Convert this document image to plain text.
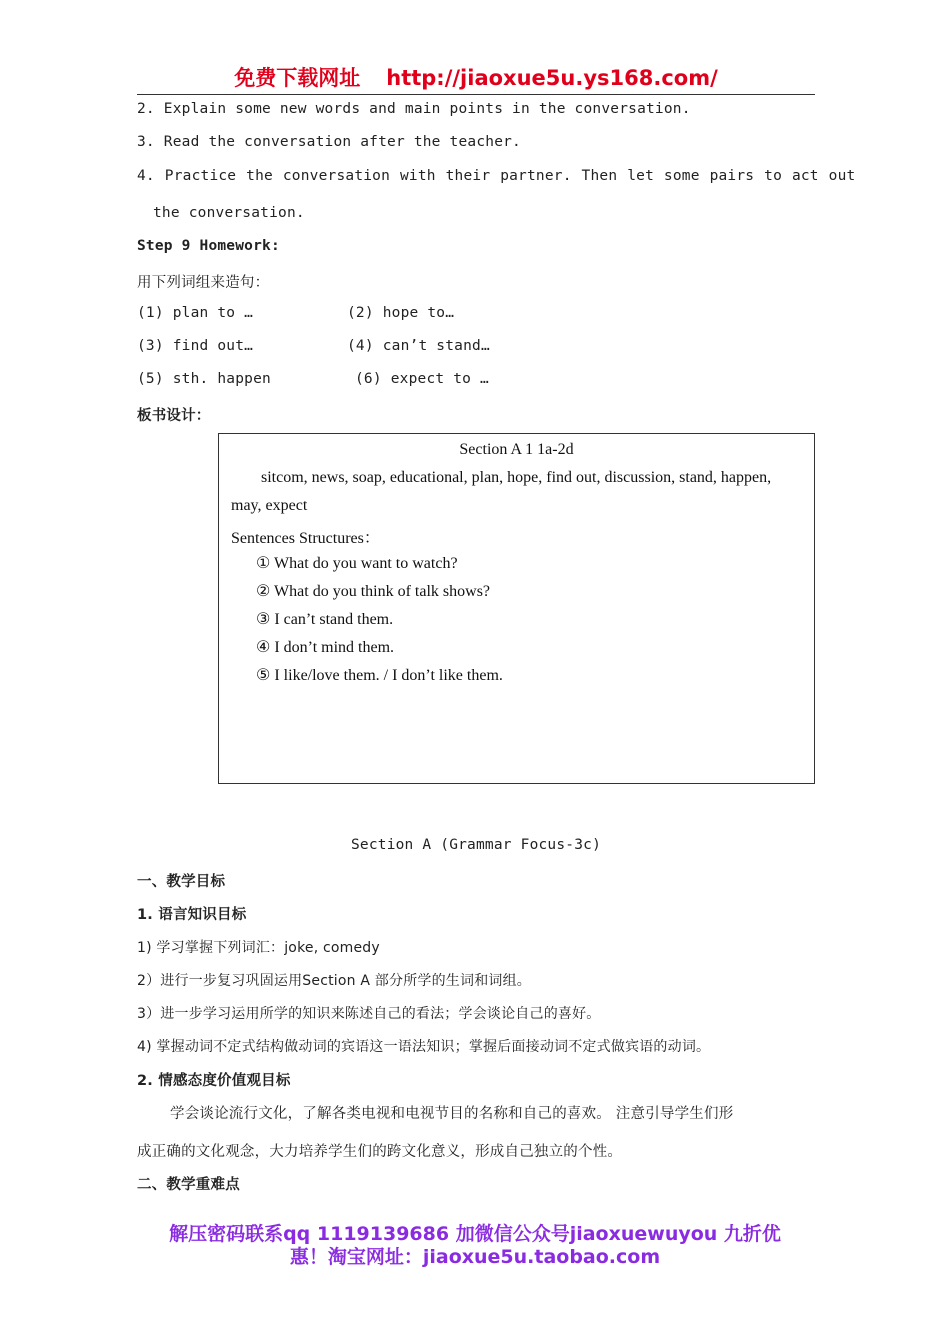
免费下载网址 http://jiaoxue5u.ys168.com/
2. Explain some new words and main points in the conversation.
3. Read the conversation after the teacher.
4. Practice the conversation with their partner. Then let some pairs to act out
the conversation.
Step 9 Homework:
用下列词组来造句：
(1) plan to …	(2) hope to…
(3) find out…	(4) can’t stand…
(5) sth. happen	(6) expect to …
板书设计：
Section A 1 1a-2d
sitcom, news, soap, educational, plan, hope, find out, discussion, stand, happen,
may, expect
Sentences Structures：
① What do you want to watch?
② What do you think of talk shows?
③ I can’t stand them.
④ I don’t mind them.
⑤ I like/love them. / I don’t like them.
Section A (Grammar Focus-3c)
一、教学目标
1. 语言知识目标
1) 学习掌握下列词汇：joke, comedy
2）进行一步复习巩固运用Section A 部分所学的生词和词组。
3）进一步学习运用所学的知识来陈述自己的看法；学会谈论自己的喜好。
4) 掌握动词不定式结构做动词的宾语这一语法知识；掌握后面接动词不定式做宾语的动词。
2. 情感态度价值观目标
学会谈论流行文化，了解各类电视和电视节目的名称和自己的喜欢。 注意引导学生们形
成正确的文化观念，大力培养学生们的跨文化意义，形成自己独立的个性。
二、教学重难点
解压密码联系qq 1119139686 加微信公众号jiaoxuewuyou 九折优
惠！淘宝网址：jiaoxue5u.taobao.com
